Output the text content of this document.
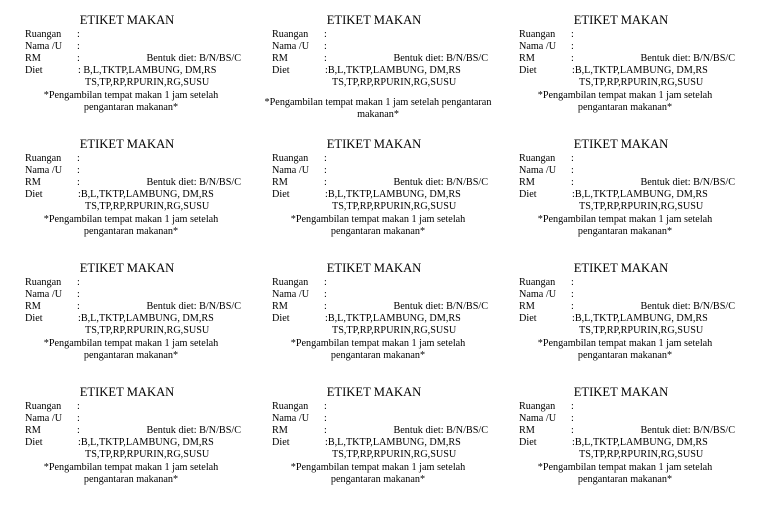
ETIKET MAKAN
Ruangan :
Nama /U :
RM	:	Bentuk diet: B/N/BS/C
Diet	: B,L,TKTP,LAMBUNG, DM,RS
TS,TP,RP,RPURIN,RG,SUSU
*Pengambilan tempat makan 1 jam setelah pengantaran makanan*
ETIKET MAKAN
Ruangan :
Nama /U :
RM	:	Bentuk diet: B/N/BS/C
Diet	:B,L,TKTP,LAMBUNG, DM,RS
TS,TP,RP,RPURIN,RG,SUSU
*Pengambilan tempat makan 1 jam setelah pengantaran makanan*
ETIKET MAKAN
Ruangan :
Nama /U :
RM	:	Bentuk diet: B/N/BS/C
Diet	:B,L,TKTP,LAMBUNG, DM,RS
TS,TP,RP,RPURIN,RG,SUSU
*Pengambilan tempat makan 1 jam setelah pengantaran makanan*
ETIKET MAKAN
Ruangan :
Nama /U :
RM	:	Bentuk diet: B/N/BS/C
Diet	:B,L,TKTP,LAMBUNG, DM,RS
TS,TP,RP,RPURIN,RG,SUSU
*Pengambilan tempat makan 1 jam setelah pengantaran makanan*
ETIKET MAKAN
Ruangan :
Nama /U :
RM	:	Bentuk diet: B/N/BS/C
Diet	:B,L,TKTP,LAMBUNG, DM,RS
TS,TP,RP,RPURIN,RG,SUSU
*Pengambilan tempat makan 1 jam setelah pengantaran makanan*
ETIKET MAKAN
Ruangan :
Nama /U :
RM	:	Bentuk diet: B/N/BS/C
Diet	:B,L,TKTP,LAMBUNG, DM,RS
TS,TP,RP,RPURIN,RG,SUSU
*Pengambilan tempat makan 1 jam setelah pengantaran makanan*
ETIKET MAKAN
Ruangan :
Nama /U :
RM	:	Bentuk diet: B/N/BS/C
Diet	:B,L,TKTP,LAMBUNG, DM,RS
TS,TP,RP,RPURIN,RG,SUSU
*Pengambilan tempat makan 1 jam setelah pengantaran makanan*
ETIKET MAKAN
Ruangan :
Nama /U :
RM	:	Bentuk diet: B/N/BS/C
Diet	:B,L,TKTP,LAMBUNG, DM,RS
TS,TP,RP,RPURIN,RG,SUSU
*Pengambilan tempat makan 1 jam setelah pengantaran makanan*
ETIKET MAKAN
Ruangan :
Nama /U :
RM	:	Bentuk diet: B/N/BS/C
Diet	:B,L,TKTP,LAMBUNG, DM,RS
TS,TP,RP,RPURIN,RG,SUSU
*Pengambilan tempat makan 1 jam setelah pengantaran makanan*
ETIKET MAKAN
Ruangan :
Nama /U :
RM	:	Bentuk diet: B/N/BS/C
Diet	:B,L,TKTP,LAMBUNG, DM,RS
TS,TP,RP,RPURIN,RG,SUSU
*Pengambilan tempat makan 1 jam setelah pengantaran makanan*
ETIKET MAKAN
Ruangan :
Nama /U :
RM	:	Bentuk diet: B/N/BS/C
Diet	:B,L,TKTP,LAMBUNG, DM,RS
TS,TP,RP,RPURIN,RG,SUSU
*Pengambilan tempat makan 1 jam setelah pengantaran makanan*
ETIKET MAKAN
Ruangan :
Nama /U :
RM	:	Bentuk diet: B/N/BS/C
Diet	:B,L,TKTP,LAMBUNG, DM,RS
TS,TP,RP,RPURIN,RG,SUSU
*Pengambilan tempat makan 1 jam setelah pengantaran makanan*
